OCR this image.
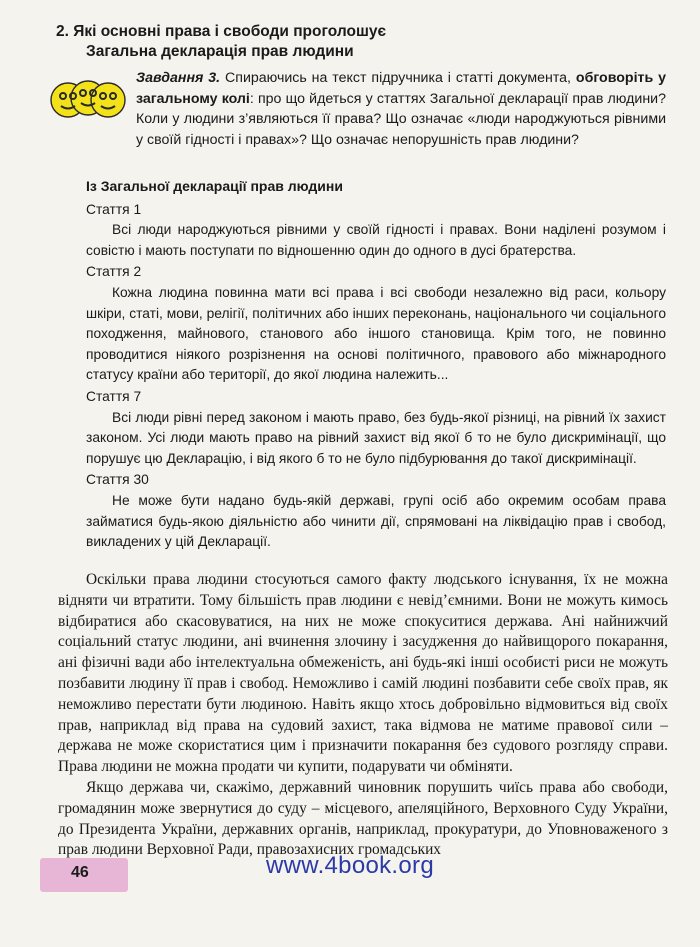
2. Які основні права і свободи проголошує
Загальна декларація прав людини
Завдання 3. Спираючись на текст підручника і статті документа, обговоріть у загальному колі: про що йдеться у статтях Загальної декларації прав людини? Коли у людини з’являються її права? Що означає «люди народжуються рівними у своїй гідності і правах»? Що означає непорушність прав людини?
Із Загальної декларації прав людини
Стаття 1
Всі люди народжуються рівними у своїй гідності і правах. Вони наділені розумом і совістю і мають поступати по відношенню один до одного в дусі братерства.
Стаття 2
Кожна людина повинна мати всі права і всі свободи незалежно від раси, кольору шкіри, статі, мови, релігії, політичних або інших переконань, національного чи соціального походження, майнового, станового або іншого становища. Крім того, не повинно проводитися ніякого розрізнення на основі політичного, правового або міжнародного статусу країни або території, до якої людина належить...
Стаття 7
Всі люди рівні перед законом і мають право, без будь-якої різниці, на рівний їх захист законом. Усі люди мають право на рівний захист від якої б то не було дискримінації, що порушує цю Декларацію, і від якого б то не було підбурювання до такої дискримінації.
Стаття 30
Не може бути надано будь-якій державі, групі осіб або окремим особам права займатися будь-якою діяльністю або чинити дії, спрямовані на ліквідацію прав і свобод, викладених у цій Декларації.

Оскільки права людини стосуються самого факту людського існування, їх не можна відняти чи втратити. Тому більшість прав людини є невід’ємними. Вони не можуть кимось відбиратися або скасовуватися, на них не може спокуситися держава. Ані найнижчий соціальний статус людини, ані вчинення злочину і засудження до найвищорого покарання, ані фізичні вади або інтелектуальна обмеженість, ані будь-які інші особисті риси не можуть позбавити людину її прав і свобод. Неможливо і самій людині позбавити себе своїх прав, як неможливо перестати бути людиною. Навіть якщо хтось добровільно відмовиться від своїх прав, наприклад від права на судовий захист, така відмова не матиме правової сили – держава не може скористатися цим і призначити покарання без судового розгляду справи. Права людини не можна продати чи купити, подарувати чи обміняти.

Якщо держава чи, скажімо, державний чиновник порушить чиїсь права або свободи, громадянин може звернутися до суду – місцевого, апеляційного, Верховного Суду України, до Президента України, державних органів, наприклад, прокуратури, до Уповноваженого з прав людини Верховної Ради, правозахисних громадських

46	www.4book.org
